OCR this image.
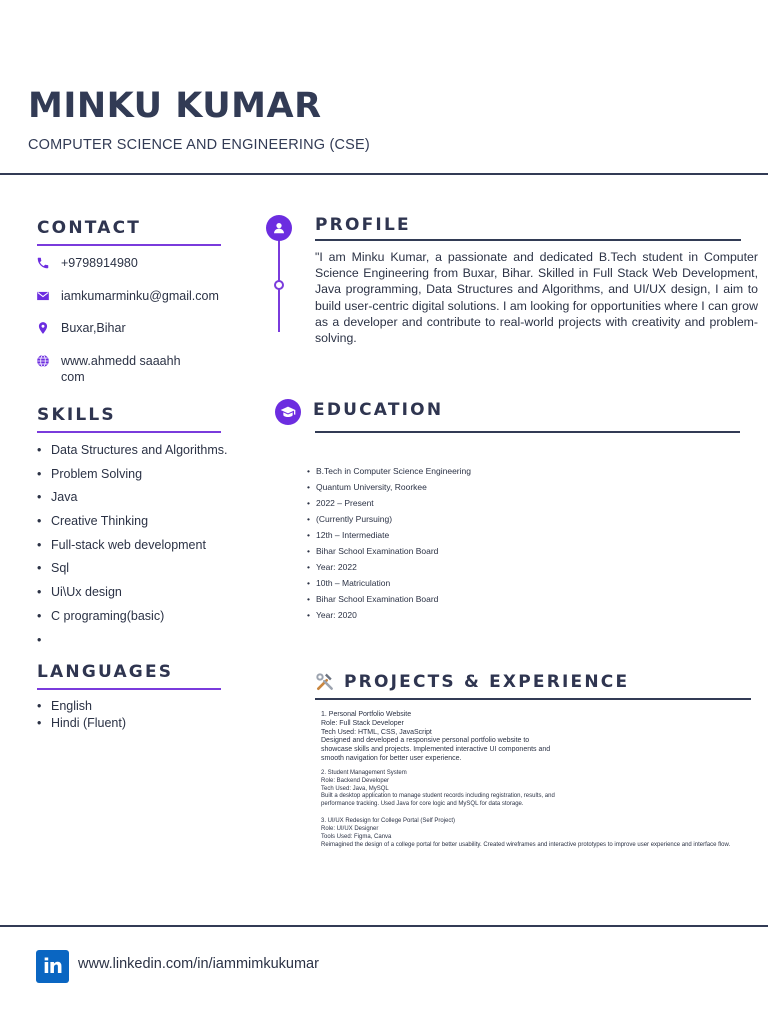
MINKU KUMAR
COMPUTER SCIENCE AND ENGINEERING (CSE)
CONTACT
+9798914980
iamkumarminku@gmail.com
Buxar,Bihar
www.ahmedd saaahh
com
SKILLS
• Data Structures and Algorithms.
• Problem Solving
• Java
• Creative Thinking
• Full-stack web development
• Sql
• Ui\Ux design
• C programing(basic)
•
LANGUAGES
• English
• Hindi (Fluent)
PROFILE
"I am Minku Kumar, a passionate and dedicated B.Tech student in Computer Science Engineering from Buxar, Bihar. Skilled in Full Stack Web Development, Java programming, Data Structures and Algorithms, and UI/UX design, I aim to build user-centric digital solutions. I am looking for opportunities where I can grow as a developer and contribute to real-world projects with creativity and problem-solving.
EDUCATION
• B.Tech in Computer Science Engineering
• Quantum University, Roorkee
• 2022 – Present
• (Currently Pursuing)
• 12th – Intermediate
• Bihar School Examination Board
• Year: 2022
• 10th – Matriculation
• Bihar School Examination Board
• Year: 2020
PROJECTS & EXPERIENCE
1. Personal Portfolio Website
Role: Full Stack Developer
Tech Used: HTML, CSS, JavaScript
Designed and developed a responsive personal portfolio website to
showcase skills and projects. Implemented interactive UI components and
smooth navigation for better user experience.
2. Student Management System
Role: Backend Developer
Tech Used: Java, MySQL
Built a desktop application to manage student records including registration, results, and
performance tracking. Used Java for core logic and MySQL for data storage.
3. UI/UX Redesign for College Portal (Self Project)
Role: UI/UX Designer
Tools Used: Figma, Canva
Reimagined the design of a college portal for better usability. Created wireframes and interactive prototypes to improve user experience and interface flow.
in	www.linkedin.com/in/iammimkukumar
